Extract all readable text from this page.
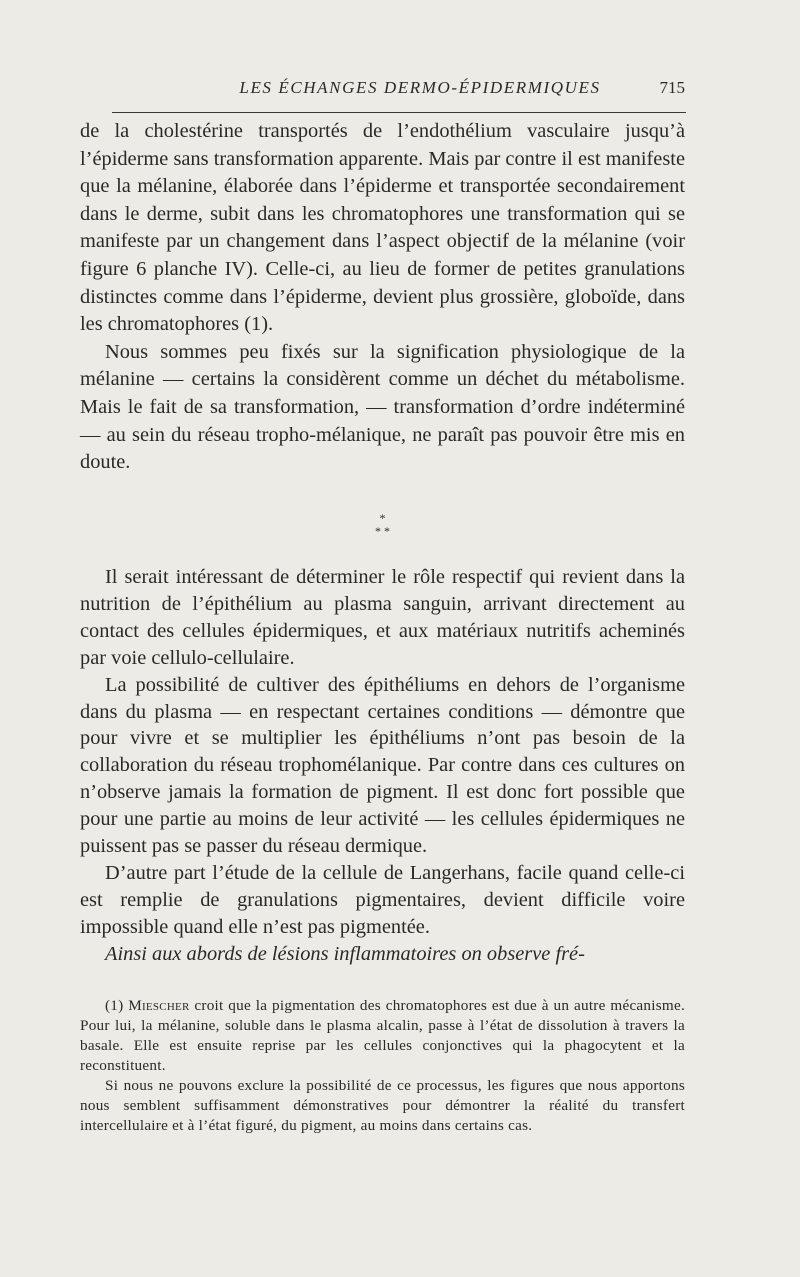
LES ÉCHANGES DERMO-ÉPIDERMIQUES	715

de la cholestérine transportés de l’endothélium vasculaire jusqu’à l’épiderme sans transformation apparente. Mais par contre il est manifeste que la mélanine, élaborée dans l’épiderme et transportée secondairement dans le derme, subit dans les chromatophores une transformation qui se manifeste par un changement dans l’aspect objectif de la mélanine (voir figure 6 planche IV). Celle-ci, au lieu de former de petites granulations distinctes comme dans l’épiderme, devient plus grossière, globoïde, dans les chromatophores (1).

Nous sommes peu fixés sur la signification physiologique de la mélanine — certains la considèrent comme un déchet du métabolisme. Mais le fait de sa transformation, — transformation d’ordre indéterminé — au sein du réseau tropho-mélanique, ne paraît pas pouvoir être mis en doute.

*
* *

Il serait intéressant de déterminer le rôle respectif qui revient dans la nutrition de l’épithélium au plasma sanguin, arrivant directement au contact des cellules épidermiques, et aux matériaux nutritifs acheminés par voie cellulo-cellulaire.

La possibilité de cultiver des épithéliums en dehors de l’organisme dans du plasma — en respectant certaines conditions — démontre que pour vivre et se multiplier les épithéliums n’ont pas besoin de la collaboration du réseau trophomélanique. Par contre dans ces cultures on n’observe jamais la formation de pigment. Il est donc fort possible que pour une partie au moins de leur activité — les cellules épidermiques ne puissent pas se passer du réseau dermique.

D’autre part l’étude de la cellule de Langerhans, facile quand celle-ci est remplie de granulations pigmentaires, devient difficile voire impossible quand elle n’est pas pigmentée.

Ainsi aux abords de lésions inflammatoires on observe fré-

(1) Miescher croit que la pigmentation des chromatophores est due à un autre mécanisme. Pour lui, la mélanine, soluble dans le plasma alcalin, passe à l’état de dissolution à travers la basale. Elle est ensuite reprise par les cellules conjonctives qui la phagocytent et la reconstituent.

Si nous ne pouvons exclure la possibilité de ce processus, les figures que nous apportons nous semblent suffisamment démonstratives pour démontrer la réalité du transfert intercellulaire et à l’état figuré, du pigment, au moins dans certains cas.
